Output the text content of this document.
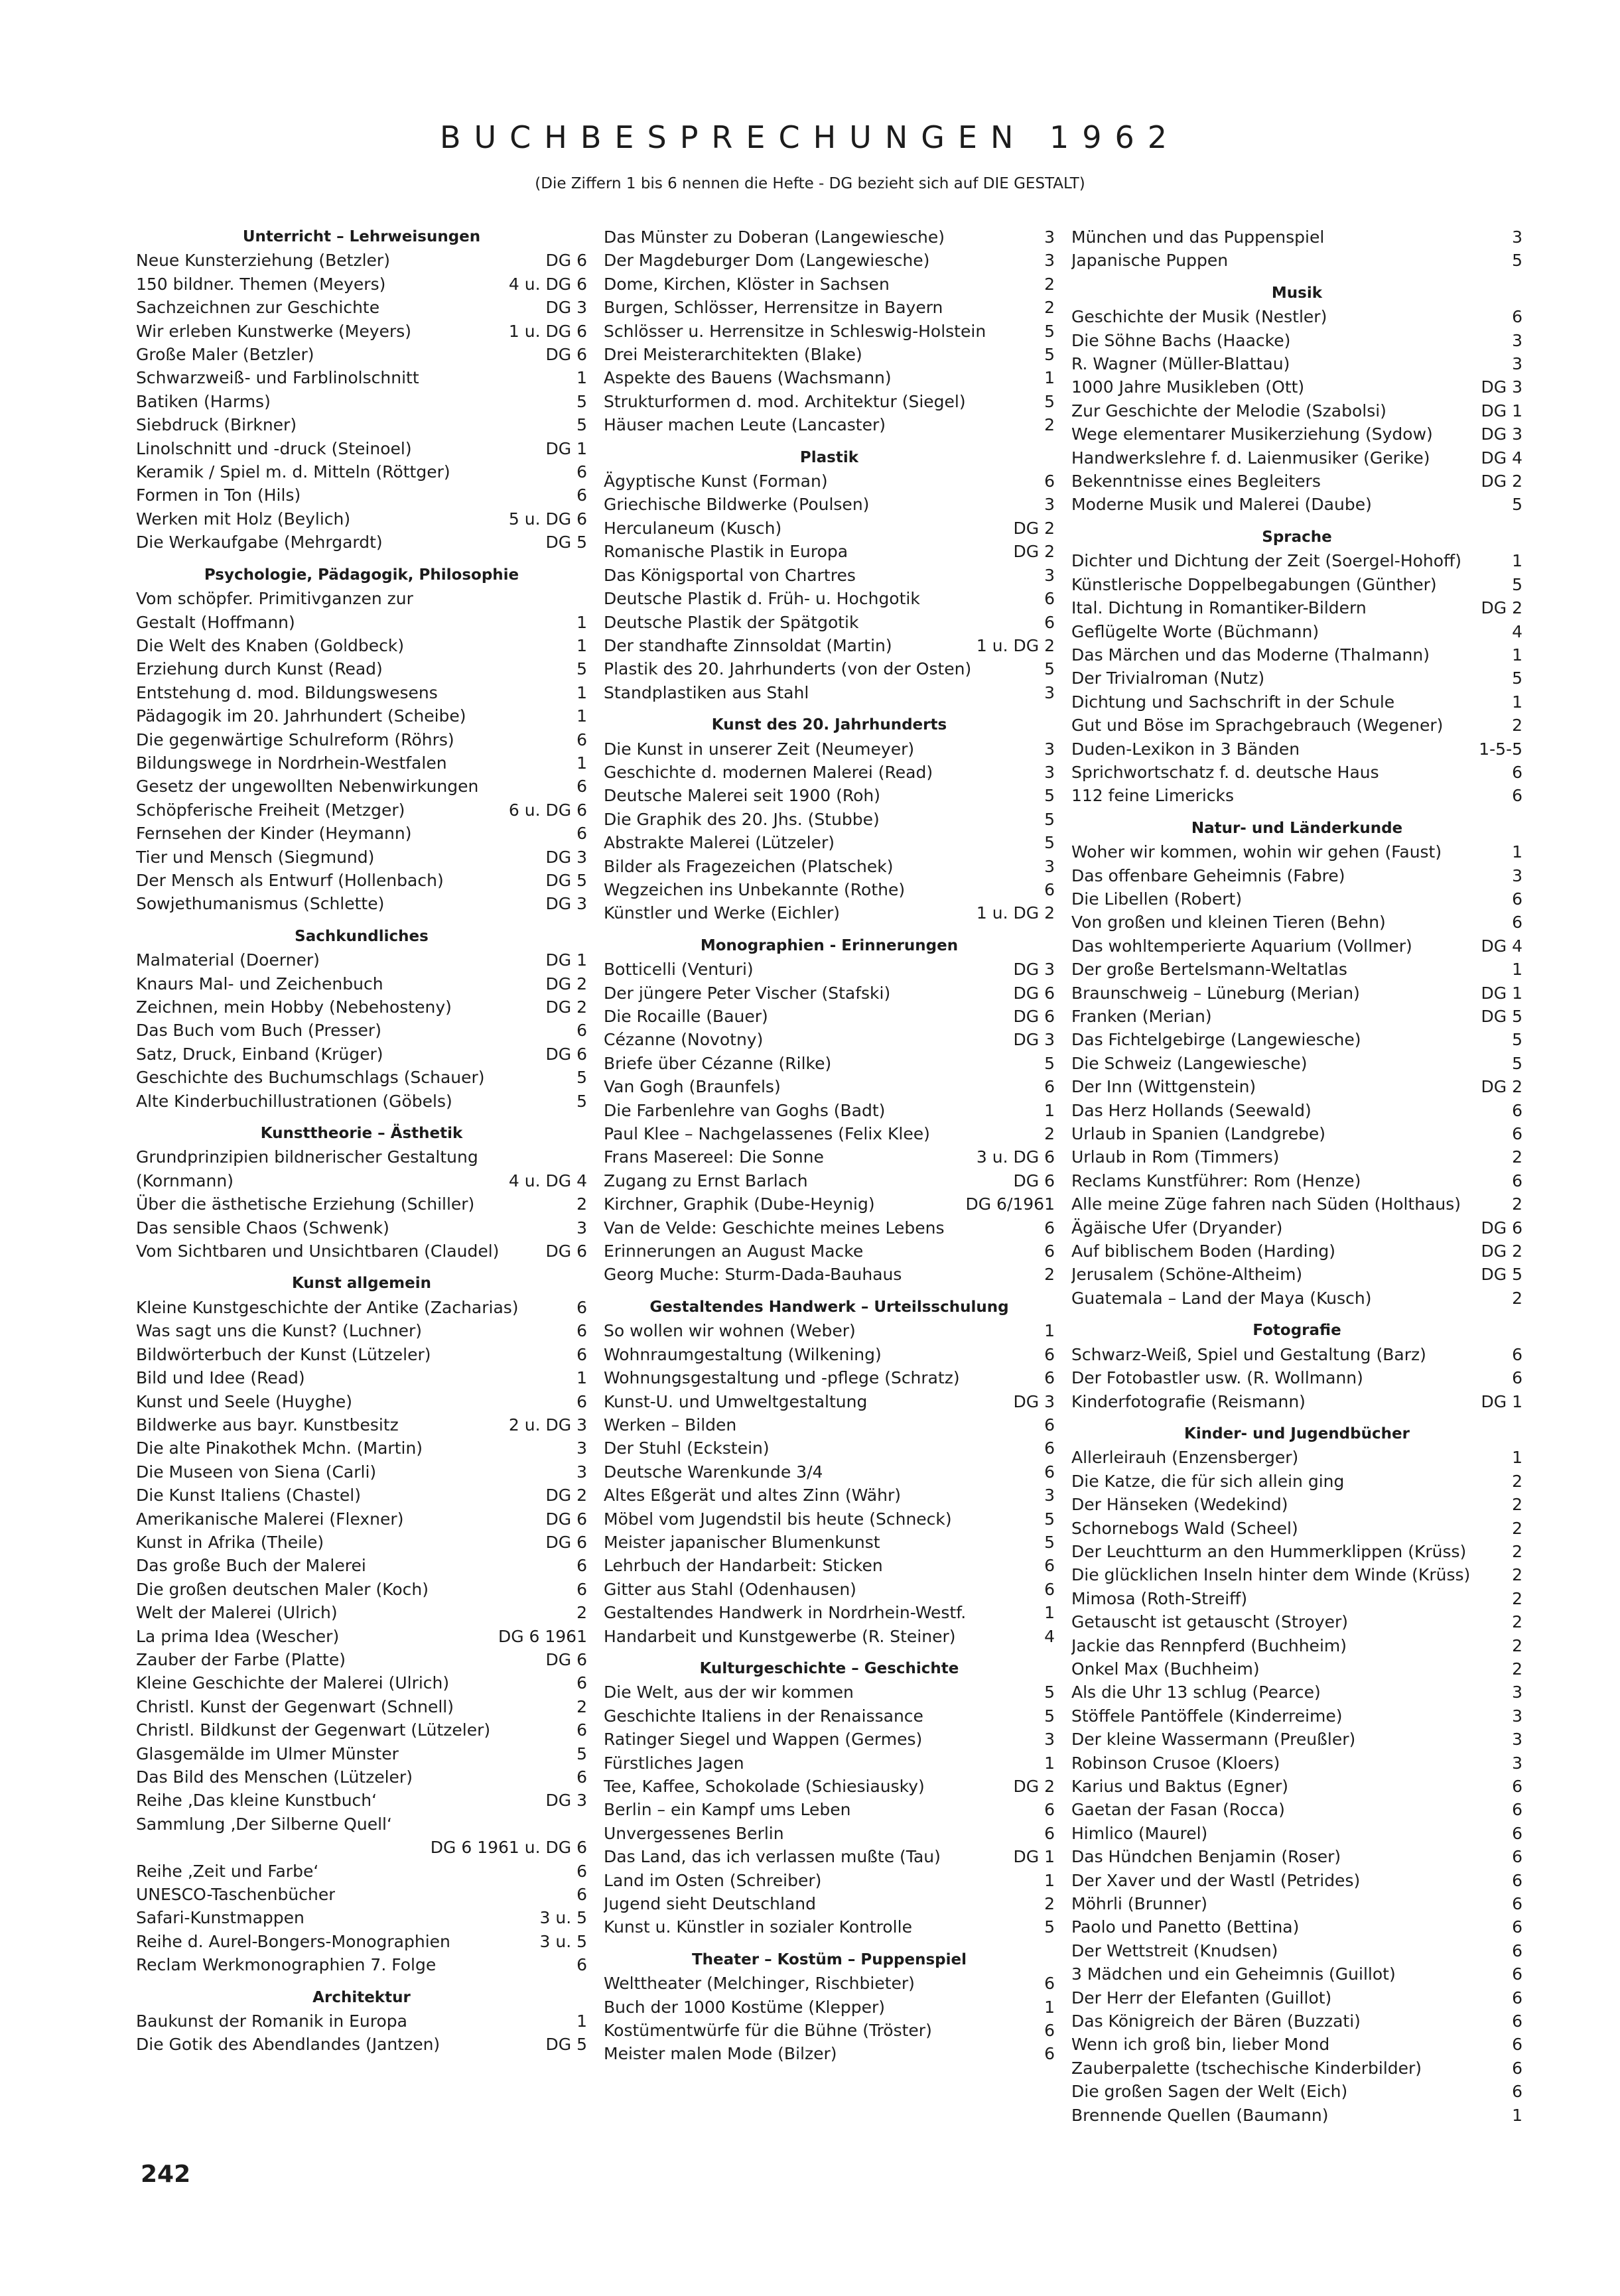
BUCHBESPRECHUNGEN 1962
(Die Ziffern 1 bis 6 nennen die Hefte - DG bezieht sich auf DIE GESTALT)
Unterricht – Lehrweisungen
Neue Kunsterziehung (Betzler)	DG 6
150 bildner. Themen (Meyers)	4 u. DG 6
Sachzeichnen zur Geschichte	DG 3
Wir erleben Kunstwerke (Meyers)	1 u. DG 6
Große Maler (Betzler)	DG 6
Schwarzweiß- und Farblinolschnitt	1
Batiken (Harms)	5
Siebdruck (Birkner)	5
Linolschnitt und -druck (Steinoel)	DG 1
Keramik / Spiel m. d. Mitteln (Röttger)	6
Formen in Ton (Hils)	6
Werken mit Holz (Beylich)	5 u. DG 6
Die Werkaufgabe (Mehrgardt)	DG 5
Psychologie, Pädagogik, Philosophie
Vom schöpfer. Primitivganzen zur
Gestalt (Hoffmann)	1
Die Welt des Knaben (Goldbeck)	1
Erziehung durch Kunst (Read)	5
Entstehung d. mod. Bildungswesens	1
Pädagogik im 20. Jahrhundert (Scheibe)	1
Die gegenwärtige Schulreform (Röhrs)	6
Bildungswege in Nordrhein-Westfalen	1
Gesetz der ungewollten Nebenwirkungen	6
Schöpferische Freiheit (Metzger)	6 u. DG 6
Fernsehen der Kinder (Heymann)	6
Tier und Mensch (Siegmund)	DG 3
Der Mensch als Entwurf (Hollenbach)	DG 5
Sowjethumanismus (Schlette)	DG 3
Sachkundliches
Malmaterial (Doerner)	DG 1
Knaurs Mal- und Zeichenbuch	DG 2
Zeichnen, mein Hobby (Nebehosteny)	DG 2
Das Buch vom Buch (Presser)	6
Satz, Druck, Einband (Krüger)	DG 6
Geschichte des Buchumschlags (Schauer)	5
Alte Kinderbuchillustrationen (Göbels)	5
Kunsttheorie – Ästhetik
Grundprinzipien bildnerischer Gestaltung
(Kornmann)	4 u. DG 4
Über die ästhetische Erziehung (Schiller)	2
Das sensible Chaos (Schwenk)	3
Vom Sichtbaren und Unsichtbaren (Claudel)	DG 6
Kunst allgemein
Kleine Kunstgeschichte der Antike (Zacharias)	6
Was sagt uns die Kunst? (Luchner)	6
Bildwörterbuch der Kunst (Lützeler)	6
Bild und Idee (Read)	1
Kunst und Seele (Huyghe)	6
Bildwerke aus bayr. Kunstbesitz	2 u. DG 3
Die alte Pinakothek Mchn. (Martin)	3
Die Museen von Siena (Carli)	3
Die Kunst Italiens (Chastel)	DG 2
Amerikanische Malerei (Flexner)	DG 6
Kunst in Afrika (Theile)	DG 6
Das große Buch der Malerei	6
Die großen deutschen Maler (Koch)	6
Welt der Malerei (Ulrich)	2
La prima Idea (Wescher)	DG 6 1961
Zauber der Farbe (Platte)	DG 6
Kleine Geschichte der Malerei (Ulrich)	6
Christl. Kunst der Gegenwart (Schnell)	2
Christl. Bildkunst der Gegenwart (Lützeler)	6
Glasgemälde im Ulmer Münster	5
Das Bild des Menschen (Lützeler)	6
Reihe ‚Das kleine Kunstbuch‘	DG 3
Sammlung ‚Der Silberne Quell‘
DG 6 1961 u. DG 6
Reihe ‚Zeit und Farbe‘	6
UNESCO-Taschenbücher	6
Safari-Kunstmappen	3 u. 5
Reihe d. Aurel-Bongers-Monographien	3 u. 5
Reclam Werkmonographien 7. Folge	6
Architektur
Baukunst der Romanik in Europa	1
Die Gotik des Abendlandes (Jantzen)	DG 5
Das Münster zu Doberan (Langewiesche)	3
Der Magdeburger Dom (Langewiesche)	3
Dome, Kirchen, Klöster in Sachsen	2
Burgen, Schlösser, Herrensitze in Bayern	2
Schlösser u. Herrensitze in Schleswig-Holstein	5
Drei Meisterarchitekten (Blake)	5
Aspekte des Bauens (Wachsmann)	1
Strukturformen d. mod. Architektur (Siegel)	5
Häuser machen Leute (Lancaster)	2
Plastik
Ägyptische Kunst (Forman)	6
Griechische Bildwerke (Poulsen)	3
Herculaneum (Kusch)	DG 2
Romanische Plastik in Europa	DG 2
Das Königsportal von Chartres	3
Deutsche Plastik d. Früh- u. Hochgotik	6
Deutsche Plastik der Spätgotik	6
Der standhafte Zinnsoldat (Martin)	1 u. DG 2
Plastik des 20. Jahrhunderts (von der Osten)	5
Standplastiken aus Stahl	3
Kunst des 20. Jahrhunderts
Die Kunst in unserer Zeit (Neumeyer)	3
Geschichte d. modernen Malerei (Read)	3
Deutsche Malerei seit 1900 (Roh)	5
Die Graphik des 20. Jhs. (Stubbe)	5
Abstrakte Malerei (Lützeler)	5
Bilder als Fragezeichen (Platschek)	3
Wegzeichen ins Unbekannte (Rothe)	6
Künstler und Werke (Eichler)	1 u. DG 2
Monographien - Erinnerungen
Botticelli (Venturi)	DG 3
Der jüngere Peter Vischer (Stafski)	DG 6
Die Rocaille (Bauer)	DG 6
Cézanne (Novotny)	DG 3
Briefe über Cézanne (Rilke)	5
Van Gogh (Braunfels)	6
Die Farbenlehre van Goghs (Badt)	1
Paul Klee – Nachgelassenes (Felix Klee)	2
Frans Masereel: Die Sonne	3 u. DG 6
Zugang zu Ernst Barlach	DG 6
Kirchner, Graphik (Dube-Heynig)	DG 6/1961
Van de Velde: Geschichte meines Lebens	6
Erinnerungen an August Macke	6
Georg Muche: Sturm-Dada-Bauhaus	2
Gestaltendes Handwerk – Urteilsschulung
So wollen wir wohnen (Weber)	1
Wohnraumgestaltung (Wilkening)	6
Wohnungsgestaltung und -pflege (Schratz)	6
Kunst-U. und Umweltgestaltung	DG 3
Werken – Bilden	6
Der Stuhl (Eckstein)	6
Deutsche Warenkunde 3/4	6
Altes Eßgerät und altes Zinn (Währ)	3
Möbel vom Jugendstil bis heute (Schneck)	5
Meister japanischer Blumenkunst	5
Lehrbuch der Handarbeit: Sticken	6
Gitter aus Stahl (Odenhausen)	6
Gestaltendes Handwerk in Nordrhein-Westf.	1
Handarbeit und Kunstgewerbe (R. Steiner)	4
Kulturgeschichte – Geschichte
Die Welt, aus der wir kommen	5
Geschichte Italiens in der Renaissance	5
Ratinger Siegel und Wappen (Germes)	3
Fürstliches Jagen	1
Tee, Kaffee, Schokolade (Schiesiausky)	DG 2
Berlin – ein Kampf ums Leben	6
Unvergessenes Berlin	6
Das Land, das ich verlassen mußte (Tau)	DG 1
Land im Osten (Schreiber)	1
Jugend sieht Deutschland	2
Kunst u. Künstler in sozialer Kontrolle	5
Theater – Kostüm – Puppenspiel
Welttheater (Melchinger, Rischbieter)	6
Buch der 1000 Kostüme (Klepper)	1
Kostümentwürfe für die Bühne (Tröster)	6
Meister malen Mode (Bilzer)	6
München und das Puppenspiel	3
Japanische Puppen	5
Musik
Geschichte der Musik (Nestler)	6
Die Söhne Bachs (Haacke)	3
R. Wagner (Müller-Blattau)	3
1000 Jahre Musikleben (Ott)	DG 3
Zur Geschichte der Melodie (Szabolsi)	DG 1
Wege elementarer Musikerziehung (Sydow)	DG 3
Handwerkslehre f. d. Laienmusiker (Gerike)	DG 4
Bekenntnisse eines Begleiters	DG 2
Moderne Musik und Malerei (Daube)	5
Sprache
Dichter und Dichtung der Zeit (Soergel-Hohoff)	1
Künstlerische Doppelbegabungen (Günther)	5
Ital. Dichtung in Romantiker-Bildern	DG 2
Geflügelte Worte (Büchmann)	4
Das Märchen und das Moderne (Thalmann)	1
Der Trivialroman (Nutz)	5
Dichtung und Sachschrift in der Schule	1
Gut und Böse im Sprachgebrauch (Wegener)	2
Duden-Lexikon in 3 Bänden	1-5-5
Sprichwortschatz f. d. deutsche Haus	6
112 feine Limericks	6
Natur- und Länderkunde
Woher wir kommen, wohin wir gehen (Faust)	1
Das offenbare Geheimnis (Fabre)	3
Die Libellen (Robert)	6
Von großen und kleinen Tieren (Behn)	6
Das wohltemperierte Aquarium (Vollmer)	DG 4
Der große Bertelsmann-Weltatlas	1
Braunschweig – Lüneburg (Merian)	DG 1
Franken (Merian)	DG 5
Das Fichtelgebirge (Langewiesche)	5
Die Schweiz (Langewiesche)	5
Der Inn (Wittgenstein)	DG 2
Das Herz Hollands (Seewald)	6
Urlaub in Spanien (Landgrebe)	6
Urlaub in Rom (Timmers)	2
Reclams Kunstführer: Rom (Henze)	6
Alle meine Züge fahren nach Süden (Holthaus)	2
Ägäische Ufer (Dryander)	DG 6
Auf biblischem Boden (Harding)	DG 2
Jerusalem (Schöne-Altheim)	DG 5
Guatemala – Land der Maya (Kusch)	2
Fotografie
Schwarz-Weiß, Spiel und Gestaltung (Barz)	6
Der Fotobastler usw. (R. Wollmann)	6
Kinderfotografie (Reismann)	DG 1
Kinder- und Jugendbücher
Allerleirauh (Enzensberger)	1
Die Katze, die für sich allein ging	2
Der Hänseken (Wedekind)	2
Schornebogs Wald (Scheel)	2
Der Leuchtturm an den Hummerklippen (Krüss)	2
Die glücklichen Inseln hinter dem Winde (Krüss)	2
Mimosa (Roth-Streiff)	2
Getauscht ist getauscht (Stroyer)	2
Jackie das Rennpferd (Buchheim)	2
Onkel Max (Buchheim)	2
Als die Uhr 13 schlug (Pearce)	3
Stöffele Pantöffele (Kinderreime)	3
Der kleine Wassermann (Preußler)	3
Robinson Crusoe (Kloers)	3
Karius und Baktus (Egner)	6
Gaetan der Fasan (Rocca)	6
Himlico (Maurel)	6
Das Hündchen Benjamin (Roser)	6
Der Xaver und der Wastl (Petrides)	6
Möhrli (Brunner)	6
Paolo und Panetto (Bettina)	6
Der Wettstreit (Knudsen)	6
3 Mädchen und ein Geheimnis (Guillot)	6
Der Herr der Elefanten (Guillot)	6
Das Königreich der Bären (Buzzati)	6
Wenn ich groß bin, lieber Mond	6
Zauberpalette (tschechische Kinderbilder)	6
Die großen Sagen der Welt (Eich)	6
Brennende Quellen (Baumann)	1
242
